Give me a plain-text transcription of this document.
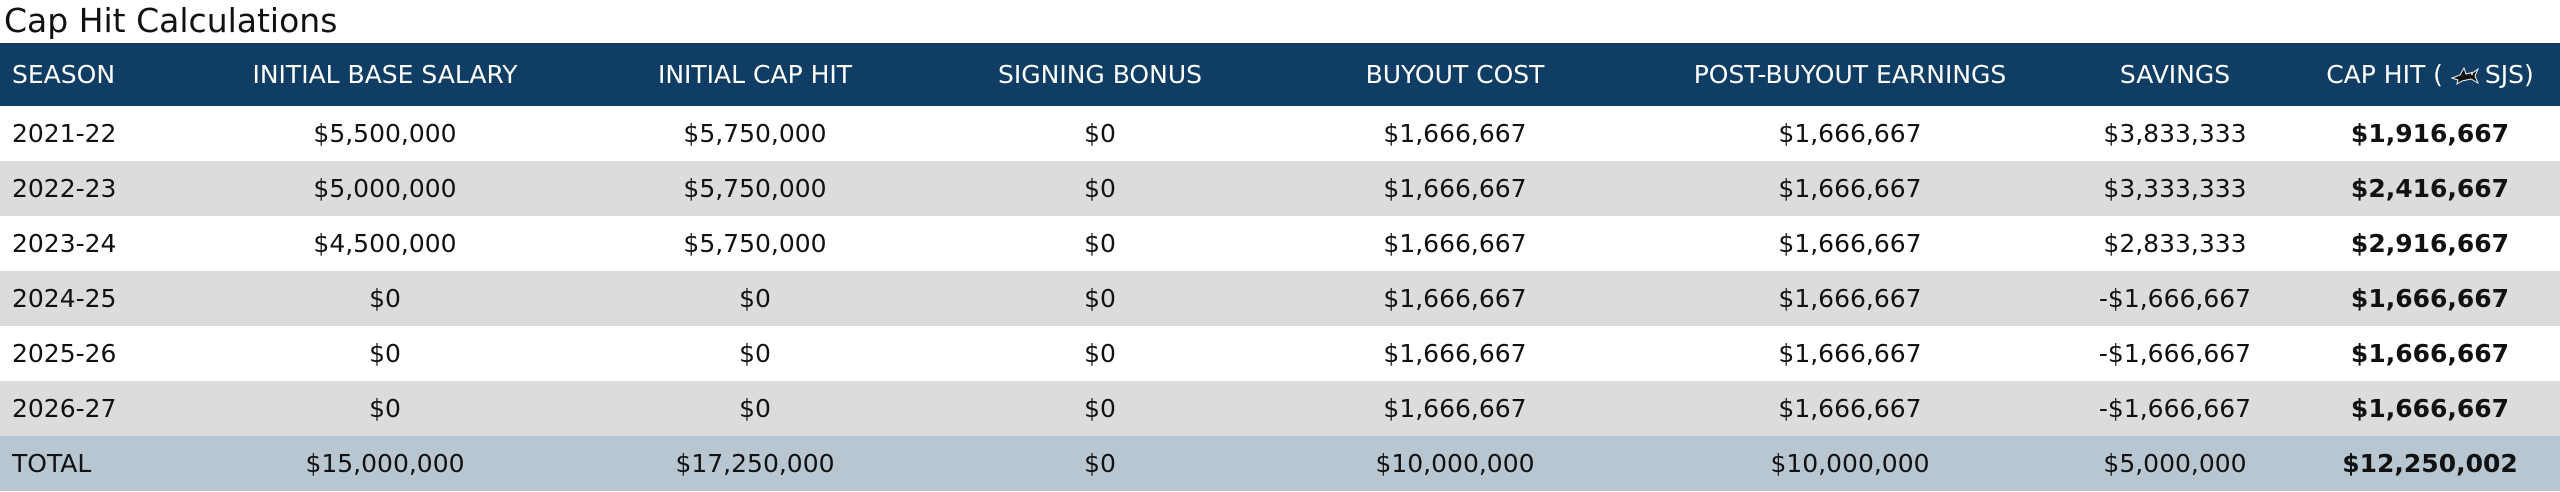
Cap Hit Calculations
SEASON	INITIAL BASE SALARY	INITIAL CAP HIT	SIGNING BONUS	BUYOUT COST	POST-BUYOUT EARNINGS	SAVINGS	CAP HIT ( SJS)
2021-22	$5,500,000	$5,750,000	$0	$1,666,667	$1,666,667	$3,833,333	$1,916,667
2022-23	$5,000,000	$5,750,000	$0	$1,666,667	$1,666,667	$3,333,333	$2,416,667
2023-24	$4,500,000	$5,750,000	$0	$1,666,667	$1,666,667	$2,833,333	$2,916,667
2024-25	$0	$0	$0	$1,666,667	$1,666,667	-$1,666,667	$1,666,667
2025-26	$0	$0	$0	$1,666,667	$1,666,667	-$1,666,667	$1,666,667
2026-27	$0	$0	$0	$1,666,667	$1,666,667	-$1,666,667	$1,666,667
TOTAL	$15,000,000	$17,250,000	$0	$10,000,000	$10,000,000	$5,000,000	$12,250,002
